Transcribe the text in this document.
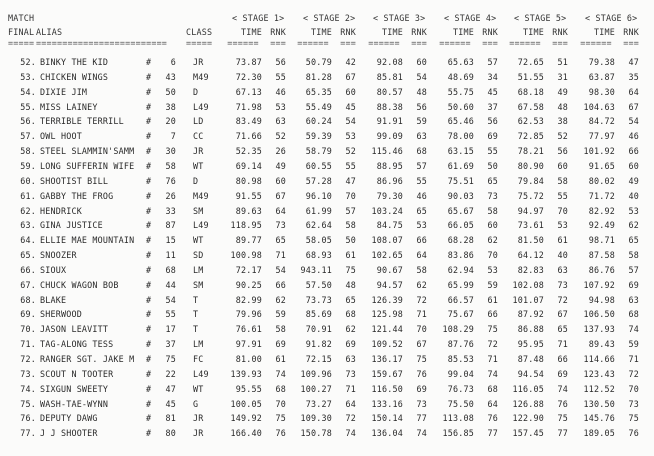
MATCH	< STAGE 1> < STAGE 2> < STAGE 3> < STAGE 4> < STAGE 5> < STAGE 6>
FINAL ALIAS	CLASS	TIME RNK	TIME RNK	TIME RNK	TIME RNK	TIME RNK	TIME RNK
===== ========================= ===== ====== === ====== === ====== === ====== === ====== === ====== ===
52. BINKY THE KID	# 6 JR	73.87 56 50.79 42 92.08 60 65.63 57 72.65 51 79.38 47
53. CHICKEN WINGS	# 43 M49	72.30 55 81.28 67 85.81 54 48.69 34 51.55 31 63.87 35
54. DIXIE JIM	# 50 D	67.13 46 65.35 60 80.57 48 55.75 45 68.18 49 98.30 64
55. MISS LAINEY	# 38 L49	71.98 53 55.49 45 88.38 56 50.60 37 67.58 48 104.63 67
56. TERRIBLE TERRILL	# 20 LD	83.49 63 60.24 54 91.91 59 65.46 56 62.53 38 84.72 54
57. OWL HOOT	# 7 CC	71.66 52 59.39 53 99.09 63 78.00 69 72.85 52 77.97 46
58. STEEL SLAMMIN'SAMM # 30 JR	52.35 26 58.79 52 115.46 68 63.15 55 78.21 56 101.92 66
59. LONG SUFFERIN WIFE # 58 WT	69.14 49 60.55 55 88.95 57 61.69 50 80.90 60 91.65 60
60. SHOOTIST BILL	# 76 D	80.98 60 57.28 47 86.96 55 75.51 65 79.84 58 80.02 49
61. GABBY THE FROG	# 26 M49	91.55 67 96.10 70 79.30 46 90.03 73 75.72 55 71.72 40
62. HENDRICK	# 33 SM	89.63 64 61.99 57 103.24 65 65.67 58 94.97 70 82.92 53
63. GINA JUSTICE	# 87 L49	118.95 73 62.64 58 84.75 53 66.05 60 73.61 53 92.49 62
64. ELLIE MAE MOUNTAIN # 15 WT	89.77 65 58.05 50 108.07 66 68.28 62 81.50 61 98.71 65
65. SNOOZER	# 11 SD	100.98 71 68.93 61 102.65 64 83.86 70 64.12 40 87.58 58
66. SIOUX	# 68 LM	72.17 54 943.11 75 90.67 58 62.94 53 82.83 63 86.76 57
67. CHUCK WAGON BOB	# 44 SM	90.25 66 57.50 48 94.57 62 65.99 59 102.08 73 107.92 69
68. BLAKE	# 54 T	82.99 62 73.73 65 126.39 72 66.57 61 101.07 72 94.98 63
69. SHERWOOD	# 55 T	79.96 59 85.69 68 125.98 71 75.67 66 87.92 67 106.50 68
70. JASON LEAVITT	# 17 T	76.61 58 70.91 62 121.44 70 108.29 75 86.88 65 137.93 74
71. TAG-ALONG TESS	# 37 LM	97.91 69 91.82 69 109.52 67 87.76 72 95.95 71 89.43 59
72. RANGER SGT. JAKE M # 75 FC	81.00 61 72.15 63 136.17 75 85.53 71 87.48 66 114.66 71
73. SCOUT N TOOTER	# 22 L49	139.93 74 109.96 73 159.67 76 99.04 74 94.54 69 123.43 72
74. SIXGUN SWEETY	# 47 WT	95.55 68 100.27 71 116.50 69 76.73 68 116.05 74 112.52 70
75. WASH-TAE-WYNN	# 45 G	100.05 70 73.27 64 133.16 73 75.50 64 126.88 76 130.50 73
76. DEPUTY DAWG	# 81 JR	149.92 75 109.30 72 150.14 77 113.08 76 122.90 75 145.76 75
77. J J SHOOTER	# 80 JR	166.40 76 150.78 74 136.04 74 156.85 77 157.45 77 189.05 76
